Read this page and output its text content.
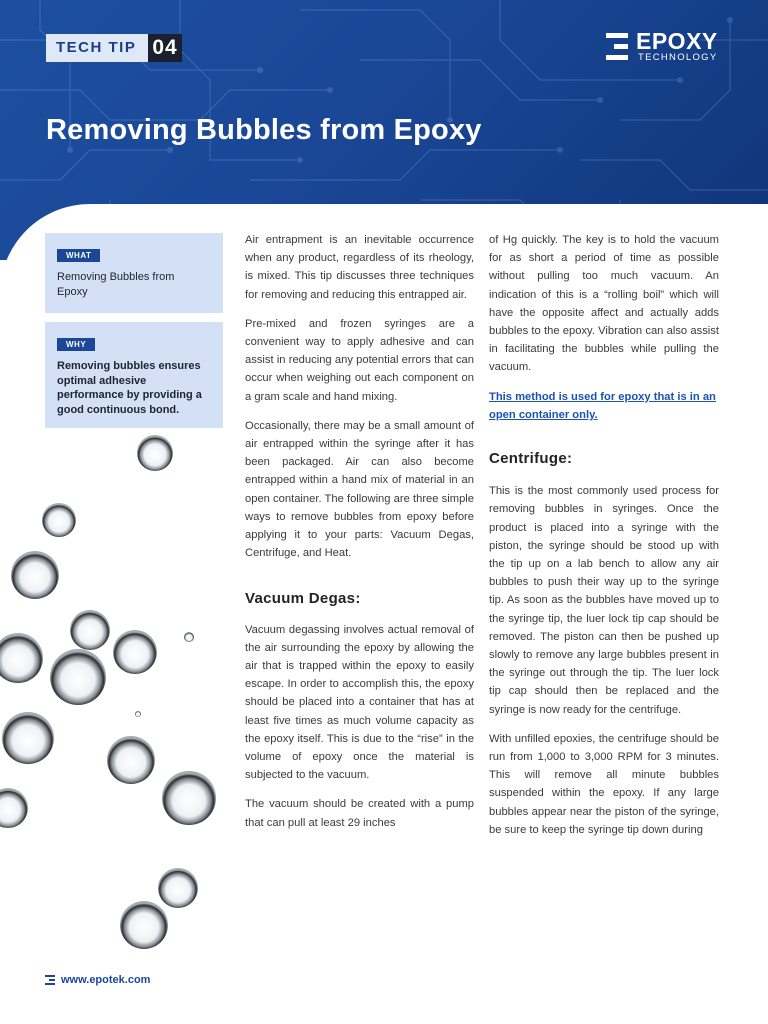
TECH TIP 04	EPOXY
TECHNOLOGY
Removing Bubbles from Epoxy
WHAT
Removing Bubbles from Epoxy
WHY
Removing bubbles ensures optimal adhesive performance by providing a good continuous bond.

Air entrapment is an inevitable occurrence when any product, regardless of its rheology, is mixed. This tip discusses three techniques for removing and reducing this entrapped air.

Pre-mixed and frozen syringes are a convenient way to apply adhesive and can assist in reducing any potential errors that can occur when weighing out each component on a gram scale and hand mixing.

Occasionally, there may be a small amount of air entrapped within the syringe after it has been packaged. Air can also become entrapped within a hand mix of material in an open container. The following are three simple ways to remove bubbles from epoxy before applying it to your parts: Vacuum Degas, Centrifuge, and Heat.

Vacuum Degas:

Vacuum degassing involves actual removal of the air surrounding the epoxy by allowing the air that is trapped within the epoxy to easily escape. In order to accomplish this, the epoxy should be placed into a container that has at least five times as much volume capacity as the epoxy itself. This is due to the “rise” in the volume of epoxy once the material is subjected to the vacuum.

The vacuum should be created with a pump that can pull at least 29 inches

of Hg quickly. The key is to hold the vacuum for as short a period of time as possible without pulling too much vacuum. An indication of this is a “rolling boil” which will have the opposite affect and actually adds bubbles to the epoxy. Vibration can also assist in facilitating the bubbles while pulling the vacuum.

This method is used for epoxy that is in an open container only.
Centrifuge:

This is the most commonly used process for removing bubbles in syringes. Once the product is placed into a syringe with the piston, the syringe should be stood up with the tip up on a lab bench to allow any air bubbles to push their way up to the syringe tip. As soon as the bubbles have moved up to the syringe tip, the luer lock tip cap should be removed. The piston can then be pushed up slowly to remove any large bubbles present in the syringe out through the tip. The luer lock tip cap should then be replaced and the syringe is now ready for the centrifuge.

With unfilled epoxies, the centrifuge should be run from 1,000 to 3,000 RPM for 3 minutes. This will remove all minute bubbles suspended within the epoxy. If any large bubbles appear near the piston of the syringe, be sure to keep the syringe tip down during

www.epotek.com
